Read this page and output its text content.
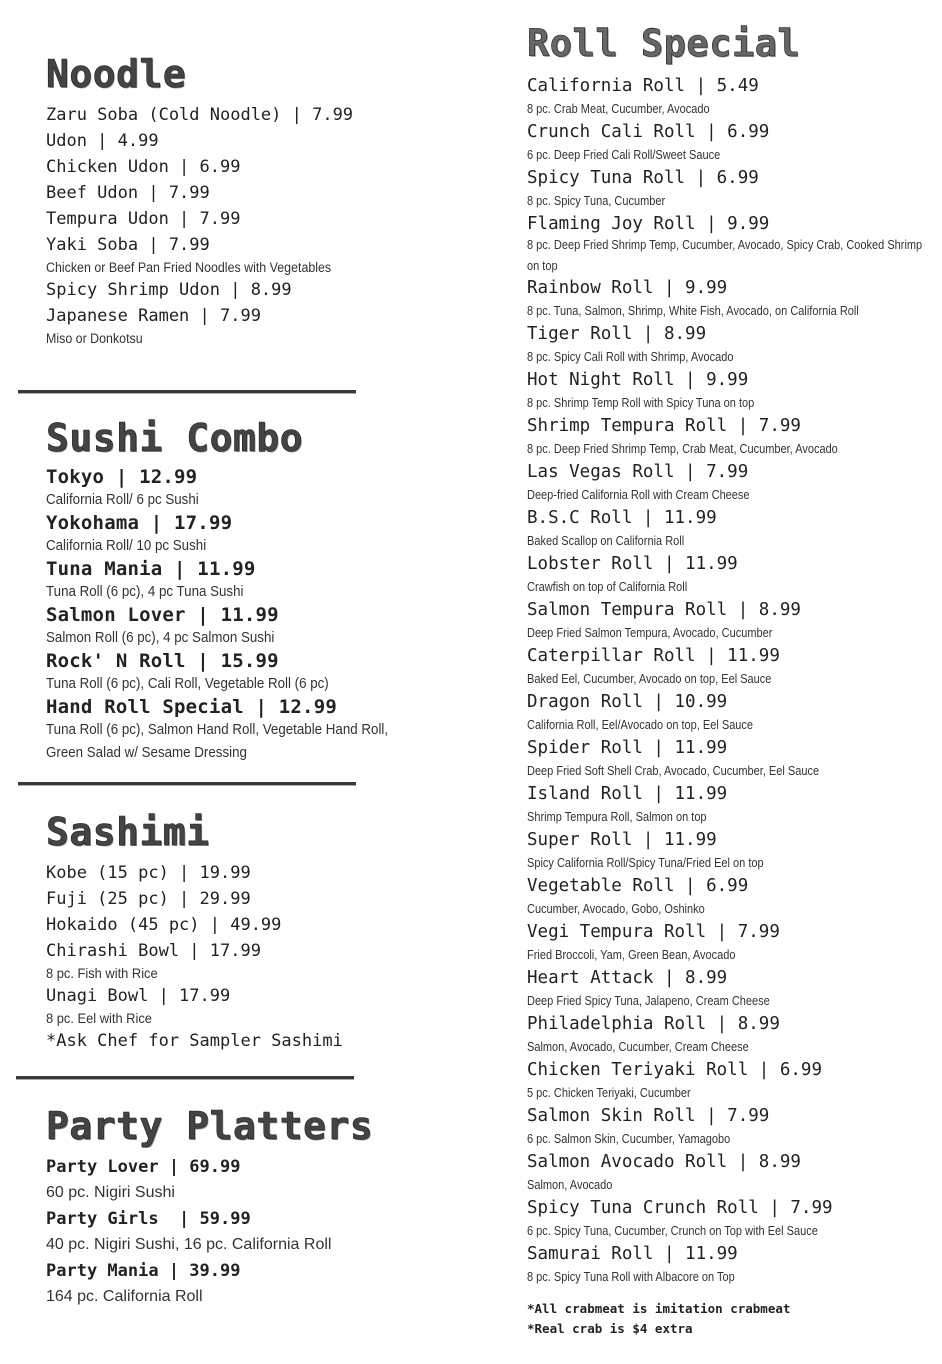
Noodle
Zaru Soba (Cold Noodle) | 7.99
Udon | 4.99
Chicken Udon | 6.99
Beef Udon | 7.99
Tempura Udon | 7.99
Yaki Soba | 7.99
Chicken or Beef Pan Fried Noodles with Vegetables
Spicy Shrimp Udon | 8.99
Japanese Ramen | 7.99
Miso or Donkotsu
Sushi Combo
Tokyo | 12.99
California Roll/ 6 pc Sushi
Yokohama | 17.99
California Roll/ 10 pc Sushi
Tuna Mania | 11.99
Tuna Roll (6 pc), 4 pc Tuna Sushi
Salmon Lover | 11.99
Salmon Roll (6 pc), 4 pc Salmon Sushi
Rock' N Roll | 15.99
Tuna Roll (6 pc), Cali Roll, Vegetable Roll (6 pc)
Hand Roll Special | 12.99
Tuna Roll (6 pc), Salmon Hand Roll, Vegetable Hand Roll, Green Salad w/ Sesame Dressing
Sashimi
Kobe (15 pc) | 19.99
Fuji (25 pc) | 29.99
Hokaido (45 pc) | 49.99
Chirashi Bowl | 17.99
8 pc. Fish with Rice
Unagi Bowl | 17.99
8 pc. Eel with Rice
*Ask Chef for Sampler Sashimi
Party Platters
Party Lover | 69.99
60 pc. Nigiri Sushi
Party Girls  | 59.99
40 pc. Nigiri Sushi, 16 pc. California Roll
Party Mania | 39.99
164 pc. California Roll
Roll Special
California Roll | 5.49
8 pc. Crab Meat, Cucumber, Avocado
Crunch Cali Roll | 6.99
6 pc. Deep Fried Cali Roll/Sweet Sauce
Spicy Tuna Roll | 6.99
8 pc. Spicy Tuna, Cucumber
Flaming Joy Roll | 9.99
8 pc. Deep Fried Shrimp Temp, Cucumber, Avocado, Spicy Crab, Cooked Shrimp on top
Rainbow Roll | 9.99
8 pc. Tuna, Salmon, Shrimp, White Fish, Avocado, on California Roll
Tiger Roll | 8.99
8 pc. Spicy Cali Roll with Shrimp, Avocado
Hot Night Roll | 9.99
8 pc. Shrimp Temp Roll with Spicy Tuna on top
Shrimp Tempura Roll | 7.99
8 pc. Deep Fried Shrimp Temp, Crab Meat, Cucumber, Avocado
Las Vegas Roll | 7.99
Deep-fried California Roll with Cream Cheese
B.S.C Roll | 11.99
Baked Scallop on California Roll
Lobster Roll | 11.99
Crawfish on top of California Roll
Salmon Tempura Roll | 8.99
Deep Fried Salmon Tempura, Avocado, Cucumber
Caterpillar Roll | 11.99
Baked Eel, Cucumber, Avocado on top, Eel Sauce
Dragon Roll | 10.99
California Roll, Eel/Avocado on top, Eel Sauce
Spider Roll | 11.99
Deep Fried Soft Shell Crab, Avocado, Cucumber, Eel Sauce
Island Roll | 11.99
Shrimp Tempura Roll, Salmon on top
Super Roll | 11.99
Spicy California Roll/Spicy Tuna/Fried Eel on top
Vegetable Roll | 6.99
Cucumber, Avocado, Gobo, Oshinko
Vegi Tempura Roll | 7.99
Fried Broccoli, Yam, Green Bean, Avocado
Heart Attack | 8.99
Deep Fried Spicy Tuna, Jalapeno, Cream Cheese
Philadelphia Roll | 8.99
Salmon, Avocado, Cucumber, Cream Cheese
Chicken Teriyaki Roll | 6.99
5 pc. Chicken Teriyaki, Cucumber
Salmon Skin Roll | 7.99
6 pc. Salmon Skin, Cucumber, Yamagobo
Salmon Avocado Roll | 8.99
Salmon, Avocado
Spicy Tuna Crunch Roll | 7.99
6 pc. Spicy Tuna, Cucumber, Crunch on Top with Eel Sauce
Samurai Roll | 11.99
8 pc. Spicy Tuna Roll with Albacore on Top
*All crabmeat is imitation crabmeat
*Real crab is $4 extra
